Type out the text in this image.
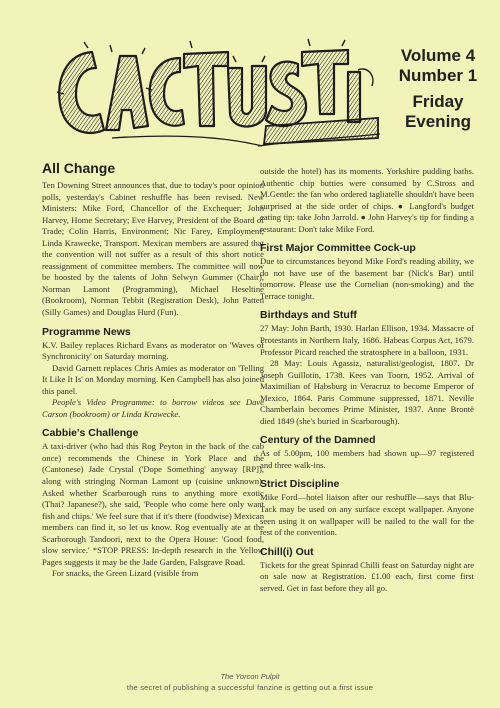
Volume 4
Number 1
Friday
Evening
All Change

Ten Downing Street announces that, due to today's poor opinion polls, yesterday's Cabinet reshuffle has been revised. New Ministers: Mike Ford, Chancellor of the Exchequer; John Harvey, Home Secretary; Eve Harvey, President of the Board of Trade; Colin Harris, Environment; Nic Farey, Employment; Linda Krawecke, Transport. Mexican members are assured that the convention will not suffer as a result of this short notice reassignment of committee members. The committee will now be boosted by the talents of John Selwyn Gummer (Chair), Norman Lamont (Programming), Michael Heseltine (Bookroom), Norman Tebbit (Registration Desk), John Patten (Silly Games) and Douglas Hurd (Fun).

Programme News

K.V. Bailey replaces Richard Evans as moderator on 'Waves of Synchronicity' on Saturday morning.

David Garnett replaces Chris Amies as moderator on 'Telling It Like It Is' on Monday morning. Ken Campbell has also joined this panel.

People's Video Programme: to borrow videos see Dave Carson (bookroom) or Linda Krawecke.

Cabbie's Challenge

A taxi-driver (who had this Rog Peyton in the back of the cab once) recommends the Chinese in York Place and the (Cantonese) Jade Crystal ('Dope Something' anyway [RP]), along with stringing Norman Lamont up (cuisine unknown). Asked whether Scarborough runs to anything more exotic (Thai? Japanese?), she said, 'People who come here only want fish and chips.' We feel sure that if it's there (foodwise) Mexican members can find it, so let us know. Rog eventually ate at the Scarborough Tandoori, next to the Opera House: 'Good food, slow service.' *STOP PRESS: In-depth research in the Yellow Pages suggests it may be the Jade Garden, Falsgrave Road.

For snacks, the Green Lizard (visible from

outside the hotel) has its moments. Yorkshire pudding baths. Authentic chip butties were consumed by C.Stross and M.Gentle: the fan who ordered tagliatelle shouldn't have been surprised at the side order of chips. ● Langford's budget eating tip: take John Jarrold. ● John Harvey's tip for finding a restaurant: Don't take Mike Ford.

First Major Committee Cock-up

Due to circumstances beyond Mike Ford's reading ability, we do not have use of the basement bar (Nick's Bar) until tomorrow. Please use the Cornelian (non-smoking) and the Terrace tonight.

Birthdays and Stuff

27 May: John Barth, 1930. Harlan Ellison, 1934. Massacre of Protestants in Northern Italy, 1686. Habeas Corpus Act, 1679. Professor Picard reached the stratosphere in a balloon, 1931.

28 May: Louis Agassiz, naturalist/geologist, 1807. Dr Joseph Guillotin, 1738. Kees van Toorn, 1952. Arrival of Maximilian of Habsburg in Veracruz to become Emperor of Mexico, 1864. Paris Commune suppressed, 1871. Neville Chamberlain becomes Prime Minister, 1937. Anne Brontë died 1849 (she's buried in Scarborough).

Century of the Damned

As of 5.00pm, 100 members had shown up—97 registered and three walk-ins.

Strict Discipline

Mike Ford—hotel liaison after our reshuffle—says that Blu-Tack may be used on any surface except wallpaper. Anyone seen using it on wallpaper will be nailed to the wall for the rest of the convention.

Chill(i) Out

Tickets for the great Spinrad Chilli feast on Saturday night are on sale now at Registration. £1.00 each, first come first served. Get in fast before they all go.

The Yorcon Pulpit
the secret of publishing a successful fanzine is getting out a first issue
